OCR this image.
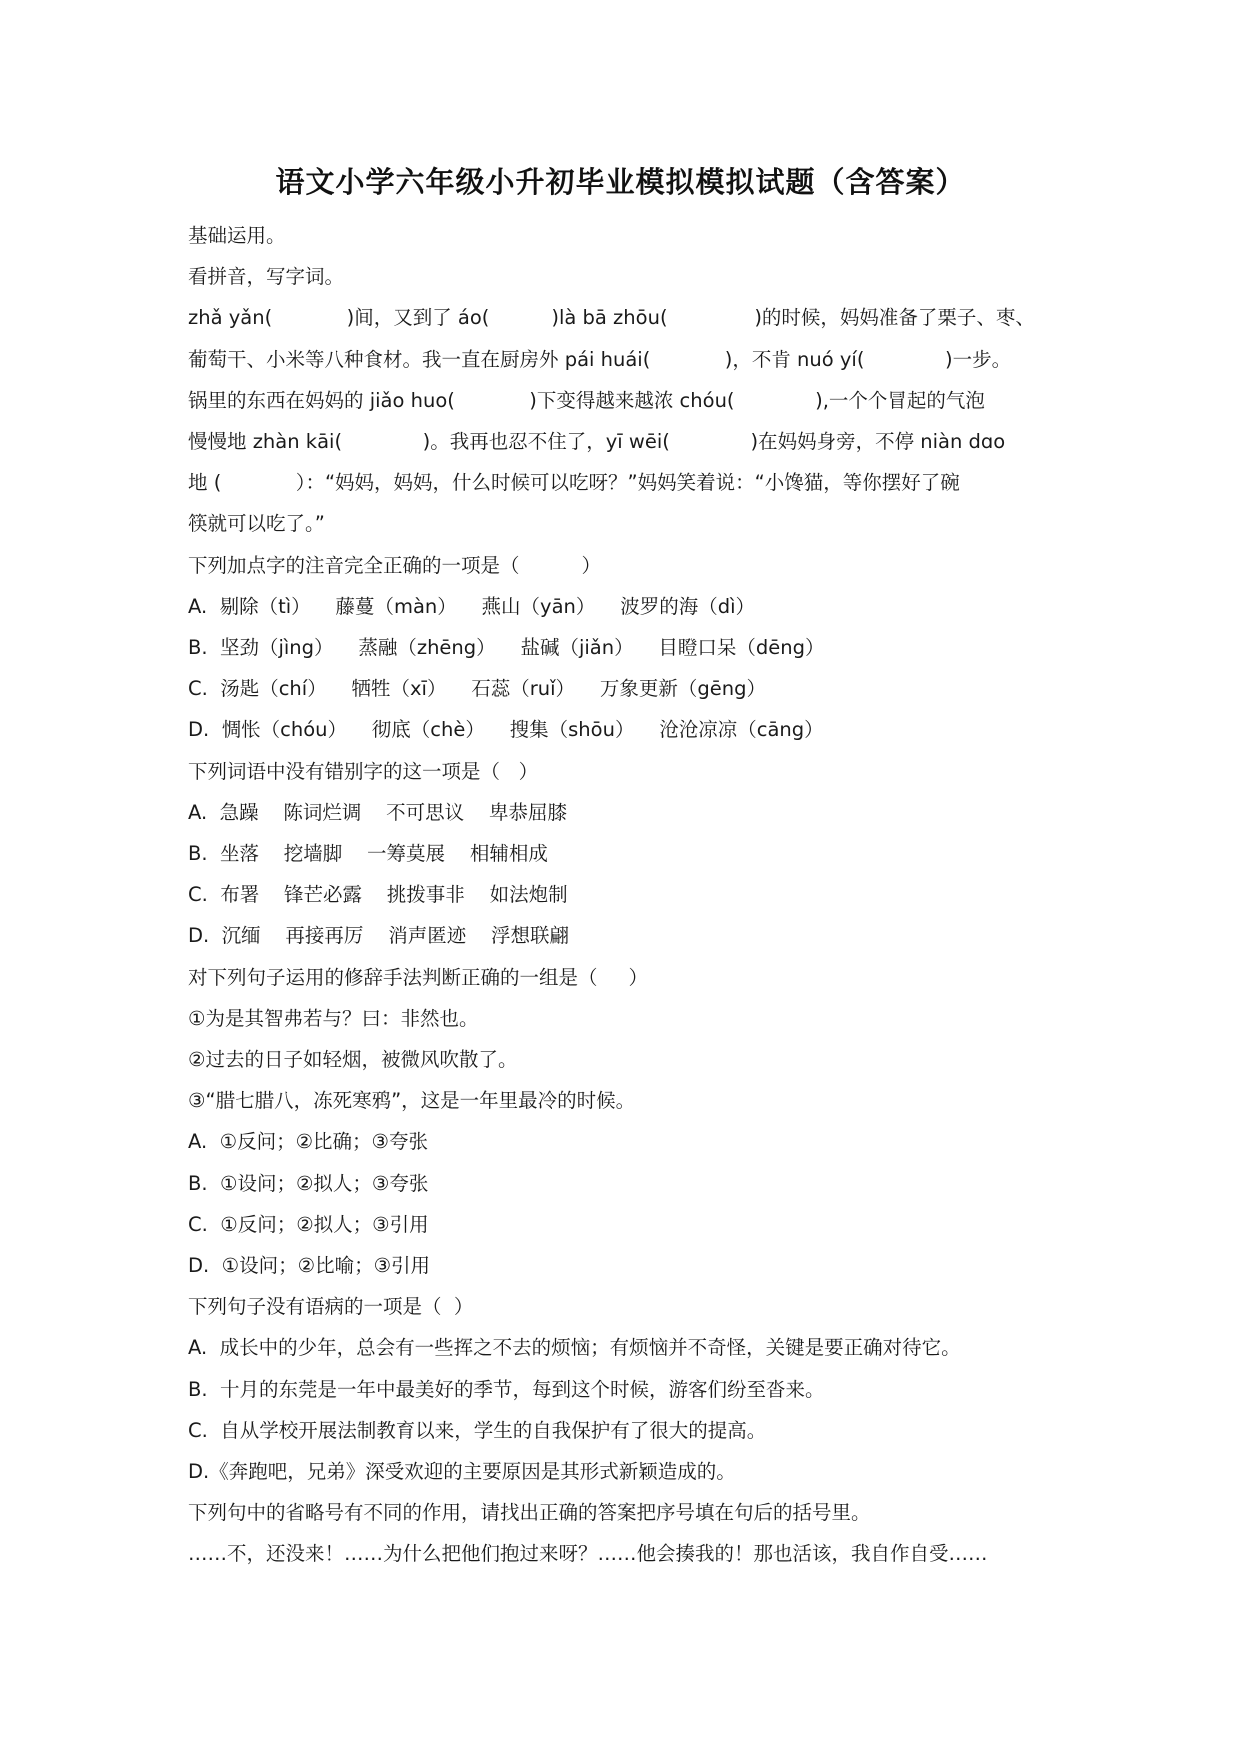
语文小学六年级小升初毕业模拟模拟试题（含答案）
基础运用。
看拼音，写字词。
zhǎ yǎn(            )间，又到了 áo(          )là bā zhōu(              )的时候，妈妈准备了栗子、枣、
葡萄干、小米等八种食材。我一直在厨房外 pái huái(            )，不肯 nuó yí(             )一步。
锅里的东西在妈妈的 jiǎo huo(            )下变得越来越浓 chóu(             ),一个个冒起的气泡
慢慢地 zhàn kāi(             )。我再也忍不住了，yī wēi(             )在妈妈身旁，不停 niàn dɑo
地 (            ）：“妈妈，妈妈，什么时候可以吃呀？”妈妈笑着说：“小馋猫，等你摆好了碗
筷就可以吃了。”
下列加点字的注音完全正确的一项是（          ）
A.  剔除（tì）    藤蔓（màn）    燕山（yān）    波罗的海（dì）
B.  坚劲（jìng）    蒸融（zhēng）    盐碱（jiǎn）    目瞪口呆（dēng）
C.  汤匙（chí）    牺牲（xī）    石蕊（ruǐ）    万象更新（gēng）
D.  惆怅（chóu）    彻底（chè）    搜集（shōu）    沧沧凉凉（cāng）
下列词语中没有错别字的这一项是（   ）
A.  急躁    陈词烂调    不可思议    卑恭屈膝
B.  坐落    挖墙脚    一筹莫展    相辅相成
C.  布署    锋芒必露    挑拨事非    如法炮制
D.  沉缅    再接再厉    消声匿迹    浮想联翩
对下列句子运用的修辞手法判断正确的一组是（     ）
①为是其智弗若与？曰：非然也。
②过去的日子如轻烟，被微风吹散了。
③“腊七腊八，冻死寒鸦”，这是一年里最冷的时候。
A.  ①反问；②比确；③夸张
B.  ①设问；②拟人；③夸张
C.  ①反问；②拟人；③引用
D.  ①设问；②比喻；③引用
下列句子没有语病的一项是（  ）
A.  成长中的少年，总会有一些挥之不去的烦恼；有烦恼并不奇怪，关键是要正确对待它。
B.  十月的东莞是一年中最美好的季节，每到这个时候，游客们纷至沓来。
C.  自从学校开展法制教育以来，学生的自我保护有了很大的提高。
D.《奔跑吧，兄弟》深受欢迎的主要原因是其形式新颖造成的。
下列句中的省略号有不同的作用，请找出正确的答案把序号填在句后的括号里。
……不，还没来！……为什么把他们抱过来呀？……他会揍我的！那也活该，我自作自受……
